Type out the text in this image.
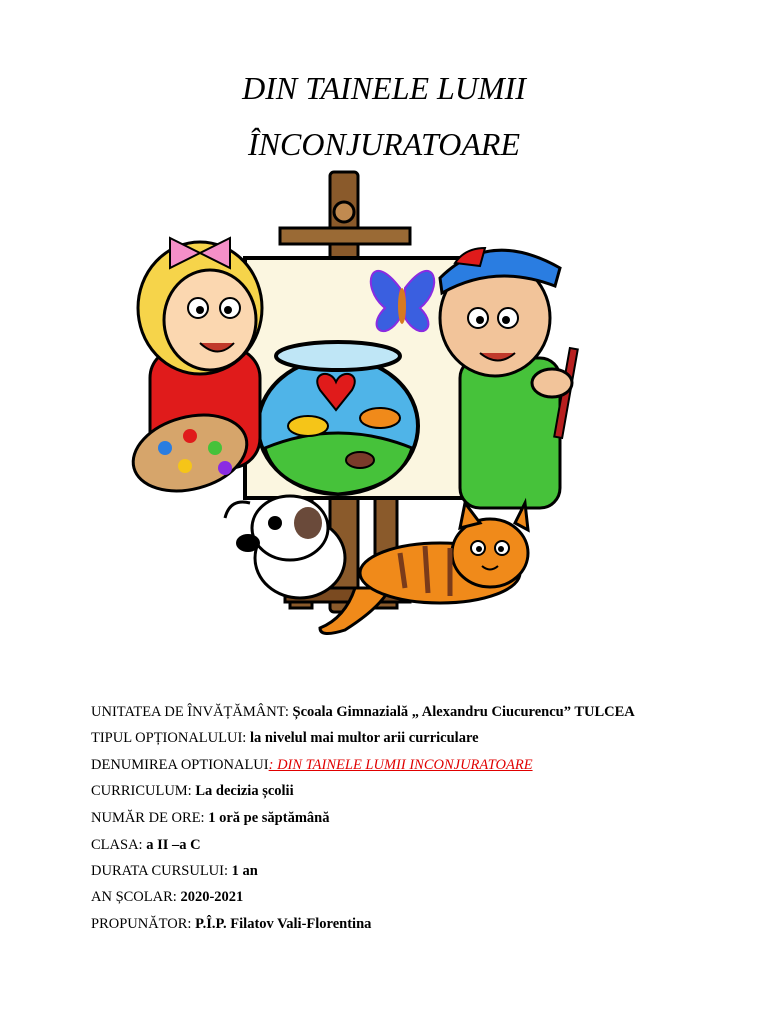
DIN TAINELE LUMII
ÎNCONJURATOARE
UNITATEA DE ÎNVĂȚĂMÂNT: Școala Gimnazială „ Alexandru Ciucurencu” TULCEA
TIPUL OPȚIONALULUI: la nivelul mai multor arii curriculare
DENUMIREA OPTIONALUI: DIN TAINELE LUMII INCONJURATOARE
CURRICULUM: La decizia școlii
NUMĂR DE ORE: 1 oră pe săptămână
CLASA: a II –a C
DURATA CURSULUI: 1 an
AN ȘCOLAR: 2020-2021
PROPUNĂTOR: P.Î.P. Filatov Vali-Florentina
